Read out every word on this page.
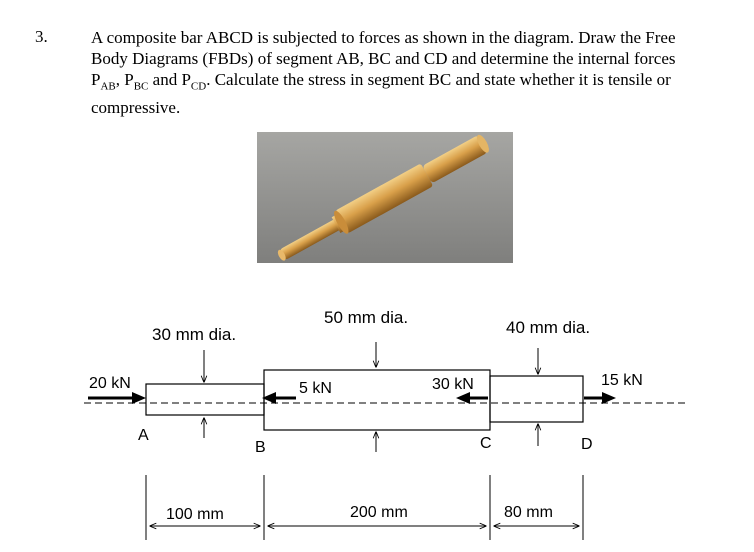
3.	A composite bar ABCD is subjected to forces as shown in the diagram. Draw the Free
Body Diagrams (FBDs) of segment AB, BC and CD and determine the internal forces
$P_{AB}$, $P_{BC}$ and $P_{CD}$. Calculate the stress in segment BC and state whether it is tensile or
compressive.
30 mm dia.
50 mm dia.
40 mm dia.
20 kN	5 kN	30 kN	15 kN
A
B	C	D
100 mm	200 mm	80 mm
